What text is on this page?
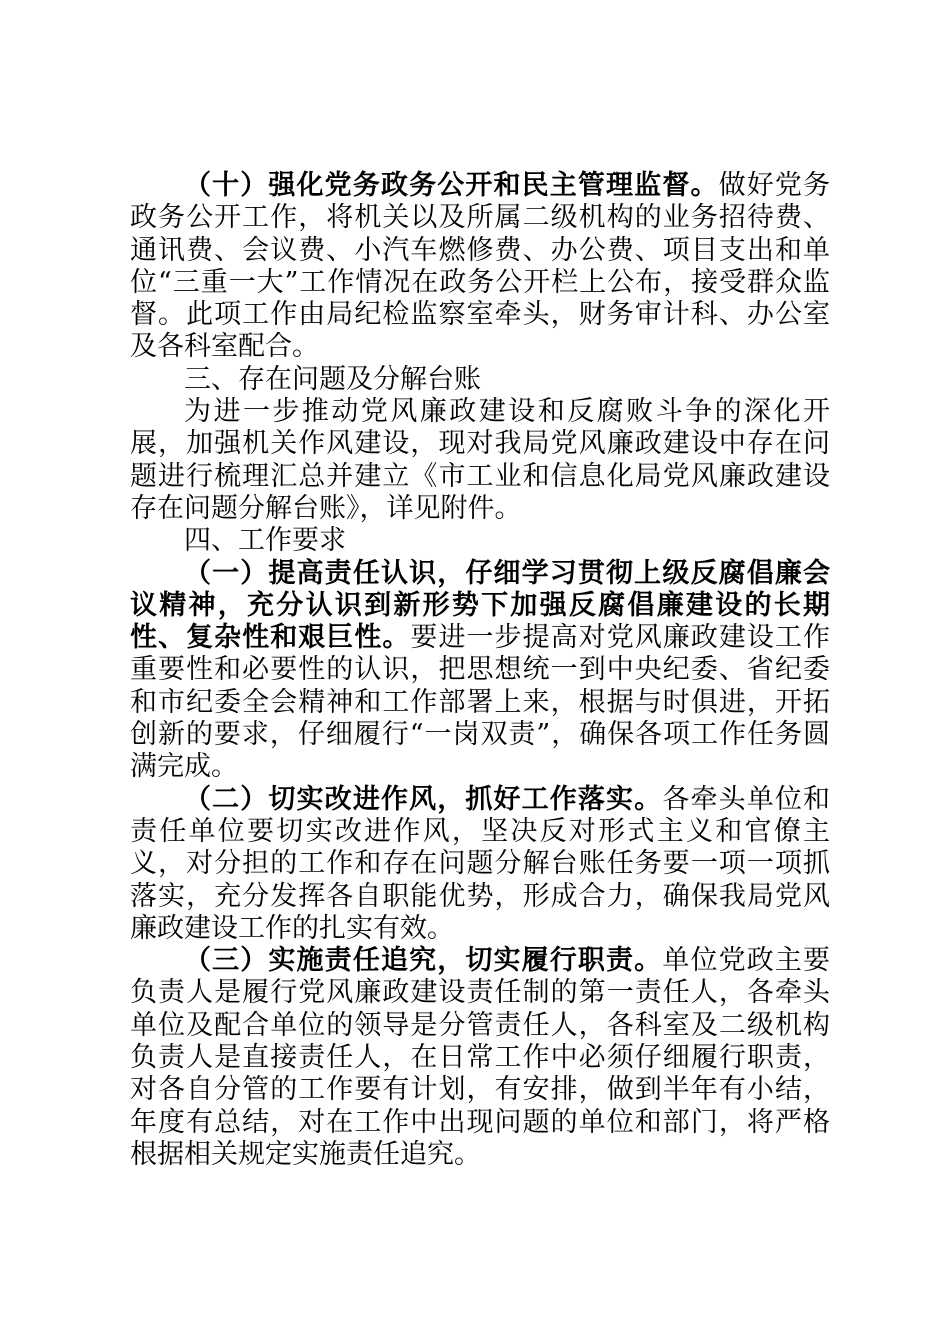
（十）强化党务政务公开和民主管理监督。做好党务政务公开工作，将机关以及所属二级机构的业务招待费、通讯费、会议费、小汽车燃修费、办公费、项目支出和单位“三重一大”工作情况在政务公开栏上公布，接受群众监督。此项工作由局纪检监察室牵头，财务审计科、办公室及各科室配合。

三、存在问题及分解台账

为进一步推动党风廉政建设和反腐败斗争的深化开展，加强机关作风建设，现对我局党风廉政建设中存在问题进行梳理汇总并建立《市工业和信息化局党风廉政建设存在问题分解台账》，详见附件。

四、工作要求

（一）提高责任认识，仔细学习贯彻上级反腐倡廉会议精神，充分认识到新形势下加强反腐倡廉建设的长期性、复杂性和艰巨性。要进一步提高对党风廉政建设工作重要性和必要性的认识，把思想统一到中央纪委、省纪委和市纪委全会精神和工作部署上来，根据与时俱进，开拓创新的要求，仔细履行“一岗双责”，确保各项工作任务圆满完成。

（二）切实改进作风，抓好工作落实。各牵头单位和责任单位要切实改进作风，坚决反对形式主义和官僚主义，对分担的工作和存在问题分解台账任务要一项一项抓落实，充分发挥各自职能优势，形成合力，确保我局党风廉政建设工作的扎实有效。

（三）实施责任追究，切实履行职责。单位党政主要负责人是履行党风廉政建设责任制的第一责任人，各牵头单位及配合单位的领导是分管责任人，各科室及二级机构负责人是直接责任人，在日常工作中必须仔细履行职责，对各自分管的工作要有计划，有安排，做到半年有小结，年度有总结，对在工作中出现问题的单位和部门，将严格根据相关规定实施责任追究。
